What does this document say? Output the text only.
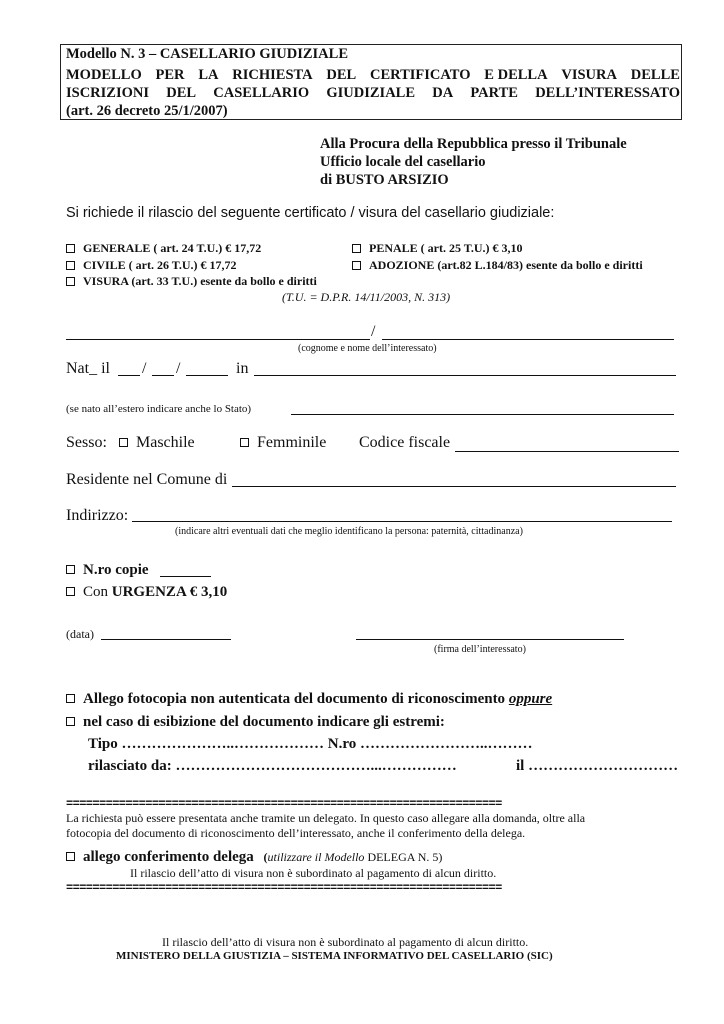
Modello N. 3 – CASELLARIO GIUDIZIALE
MODELLO PER LA RICHIESTA DEL CERTIFICATO E DELLA VISURA DELLE
ISCRIZIONI DEL CASELLARIO GIUDIZIALE DA PARTE DELL’INTERESSATO
(art. 26 decreto 25/1/2007)
Alla Procura della Repubblica presso il Tribunale
Ufficio locale del casellario
di BUSTO ARSIZIO
Si richiede il rilascio del seguente certificato / visura del casellario giudiziale:
GENERALE ( art. 24 T.U.) € 17,72	PENALE ( art. 25 T.U.) € 3,10
CIVILE ( art. 26 T.U.) € 17,72	ADOZIONE (art.82 L.184/83) esente da bollo e diritti
VISURA (art. 33 T.U.) esente da bollo e diritti
(T.U. = D.P.R. 14/11/2003, N. 313)
/
(cognome e nome dell’interessato)
Nat_ il / /	in
(se nato all’estero indicare anche lo Stato)
Sesso:	Maschile	Femminile Codice fiscale
Residente nel Comune di
Indirizzo:
(indicare altri eventuali dati che meglio identificano la persona: paternità, cittadinanza)
N.ro copie
Con URGENZA € 3,10
(data)
(firma dell’interessato)
Allego fotocopia non autenticata del documento di riconoscimento oppure
nel caso di esibizione del documento indicare gli estremi:
Tipo …………………..……………… N.ro ……………………..………
rilasciato da: …………………………………...……………	il …………………………
==================================================================
La richiesta può essere presentata anche tramite un delegato. In questo caso allegare alla domanda, oltre alla
fotocopia del documento di riconoscimento dell’interessato, anche il conferimento della delega.
allego conferimento delega (utilizzare il Modello DELEGA N. 5)
Il rilascio dell’atto di visura non è subordinato al pagamento di alcun diritto.
==================================================================
Il rilascio dell’atto di visura non è subordinato al pagamento di alcun diritto.
MINISTERO DELLA GIUSTIZIA – SISTEMA INFORMATIVO DEL CASELLARIO (SIC)
